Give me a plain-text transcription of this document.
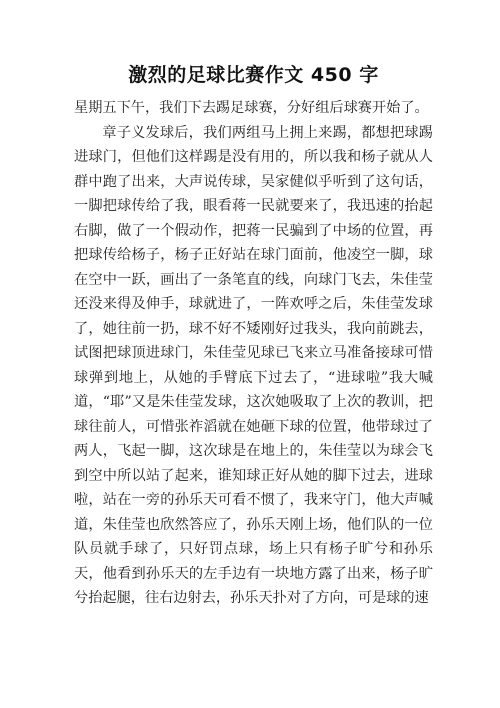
激烈的足球比赛作文 450 字

星期五下午，我们下去踢足球赛，分好组后球赛开始了。

章子义发球后，我们两组马上拥上来踢，都想把球踢进球门，但他们这样踢是没有用的，所以我和杨子就从人群中跑了出来，大声说传球，吴家健似乎听到了这句话，一脚把球传给了我，眼看蒋一民就要来了，我迅速的抬起右脚，做了一个假动作，把蒋一民骗到了中场的位置，再把球传给杨子，杨子正好站在球门面前，他凌空一脚，球在空中一跃，画出了一条笔直的线，向球门飞去，朱佳莹还没来得及伸手，球就进了，一阵欢呼之后，朱佳莹发球了，她往前一扔，球不好不矮刚好过我头，我向前跳去，试图把球顶进球门，朱佳莹见球已飞来立马准备接球可惜球弹到地上，从她的手臂底下过去了，“进球啦”我大喊道，“耶”又是朱佳莹发球，这次她吸取了上次的教训，把球往前人，可惜张祚滔就在她砸下球的位置，他带球过了两人，飞起一脚，这次球是在地上的，朱佳莹以为球会飞到空中所以站了起来，谁知球正好从她的脚下过去，进球啦，站在一旁的孙乐天可看不惯了，我来守门，他大声喊道，朱佳莹也欣然答应了，孙乐天刚上场，他们队的一位队员就手球了，只好罚点球，场上只有杨子旷兮和孙乐天，他看到孙乐天的左手边有一块地方露了出来，杨子旷兮抬起腿，往右边射去，孙乐天扑对了方向，可是球的速
